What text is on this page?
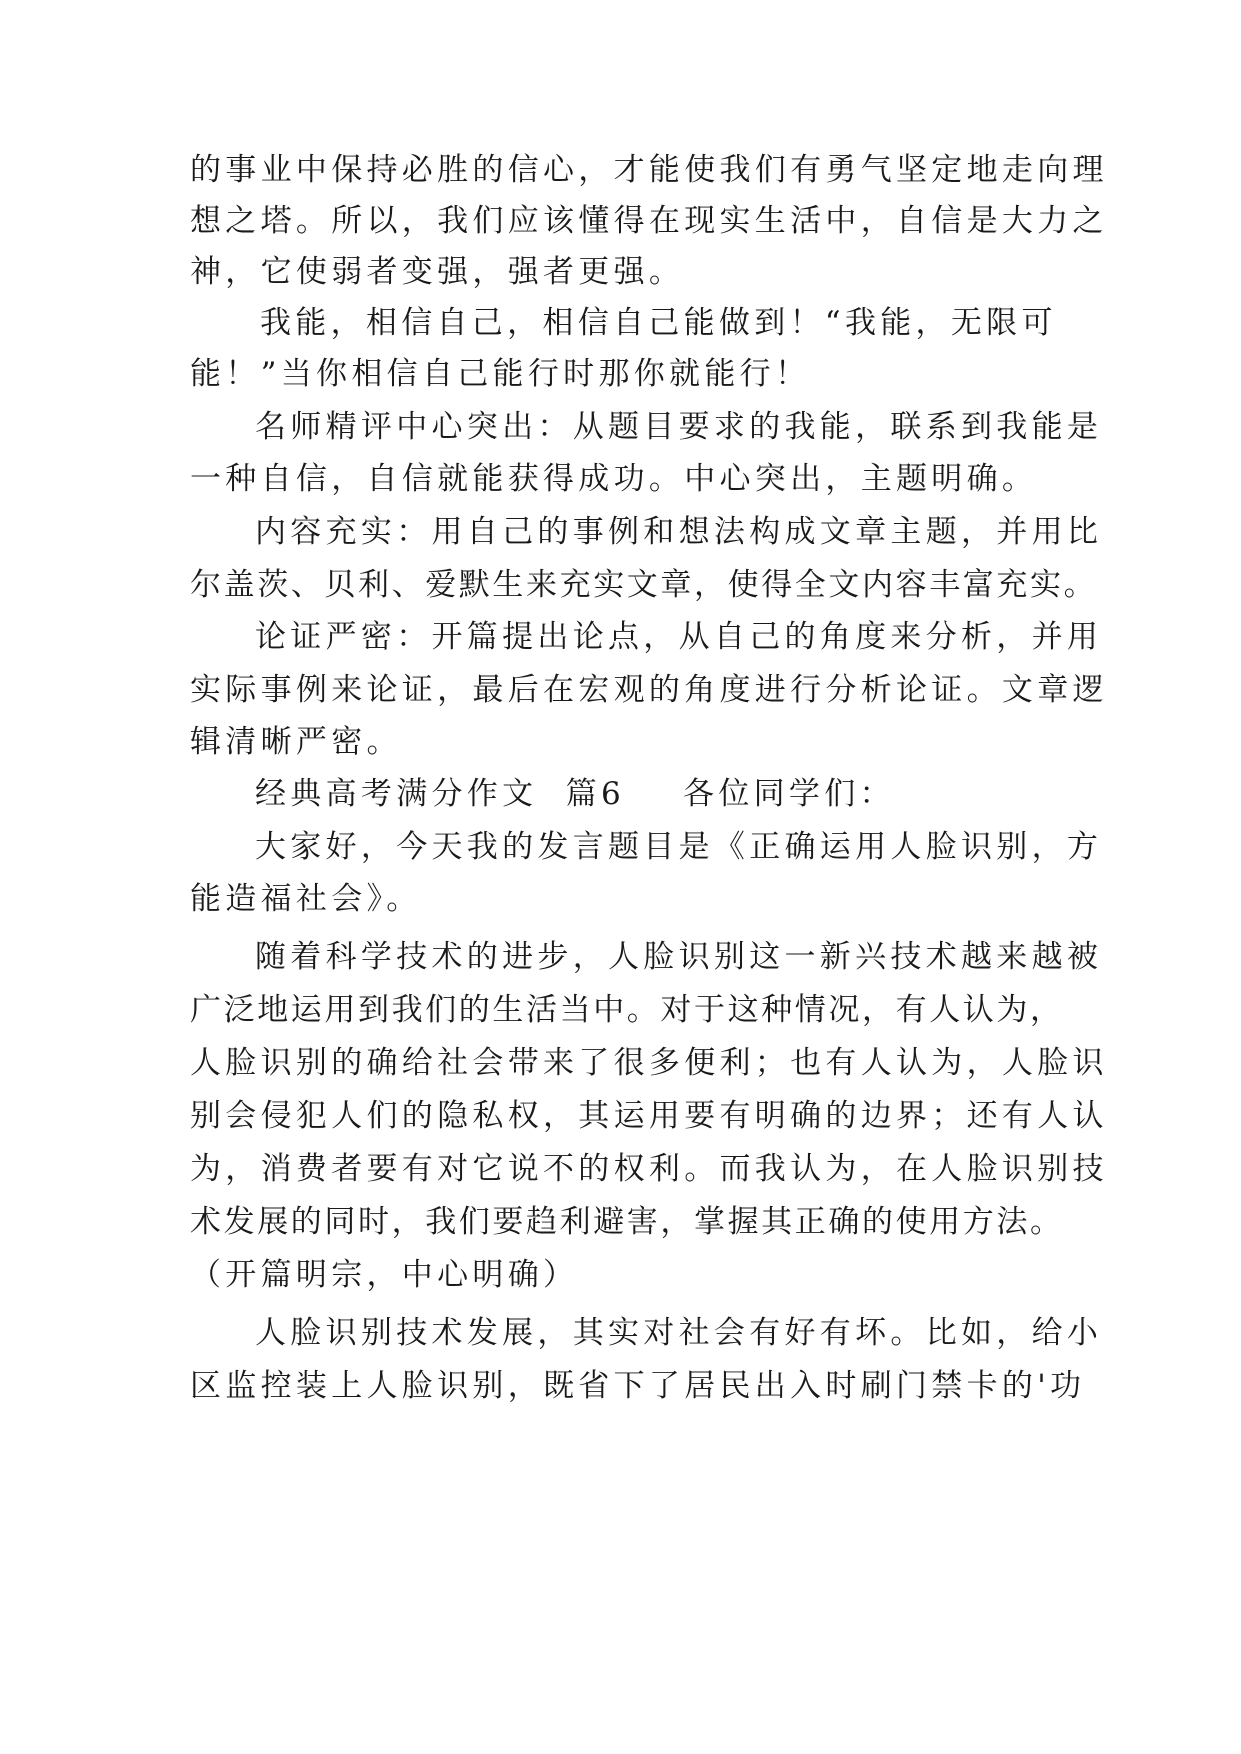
的事业中保持必胜的信心，才能使我们有勇气坚定地走向理
想之塔。所以，我们应该懂得在现实生活中，自信是大力之
神，它使弱者变强，强者更强。
我能，相信自己，相信自己能做到！“我能，无限可
能！”当你相信自己能行时那你就能行！
名师精评中心突出：从题目要求的我能，联系到我能是
一种自信，自信就能获得成功。中心突出，主题明确。
内容充实：用自己的事例和想法构成文章主题，并用比
尔盖茨、贝利、爱默生来充实文章，使得全文内容丰富充实。
论证严密：开篇提出论点，从自己的角度来分析，并用
实际事例来论证，最后在宏观的角度进行分析论证。文章逻
辑清晰严密。
经典高考满分作文  篇6 各位同学们：
大家好，今天我的发言题目是《正确运用人脸识别，方
能造福社会》。
随着科学技术的进步，人脸识别这一新兴技术越来越被
广泛地运用到我们的生活当中。对于这种情况，有人认为，
人脸识别的确给社会带来了很多便利；也有人认为，人脸识
别会侵犯人们的隐私权，其运用要有明确的边界；还有人认
为，消费者要有对它说不的权利。而我认为，在人脸识别技
术发展的同时，我们要趋利避害，掌握其正确的使用方法。
（开篇明宗，中心明确）
人脸识别技术发展，其实对社会有好有坏。比如，给小
区监控装上人脸识别，既省下了居民出入时刷门禁卡的'功
